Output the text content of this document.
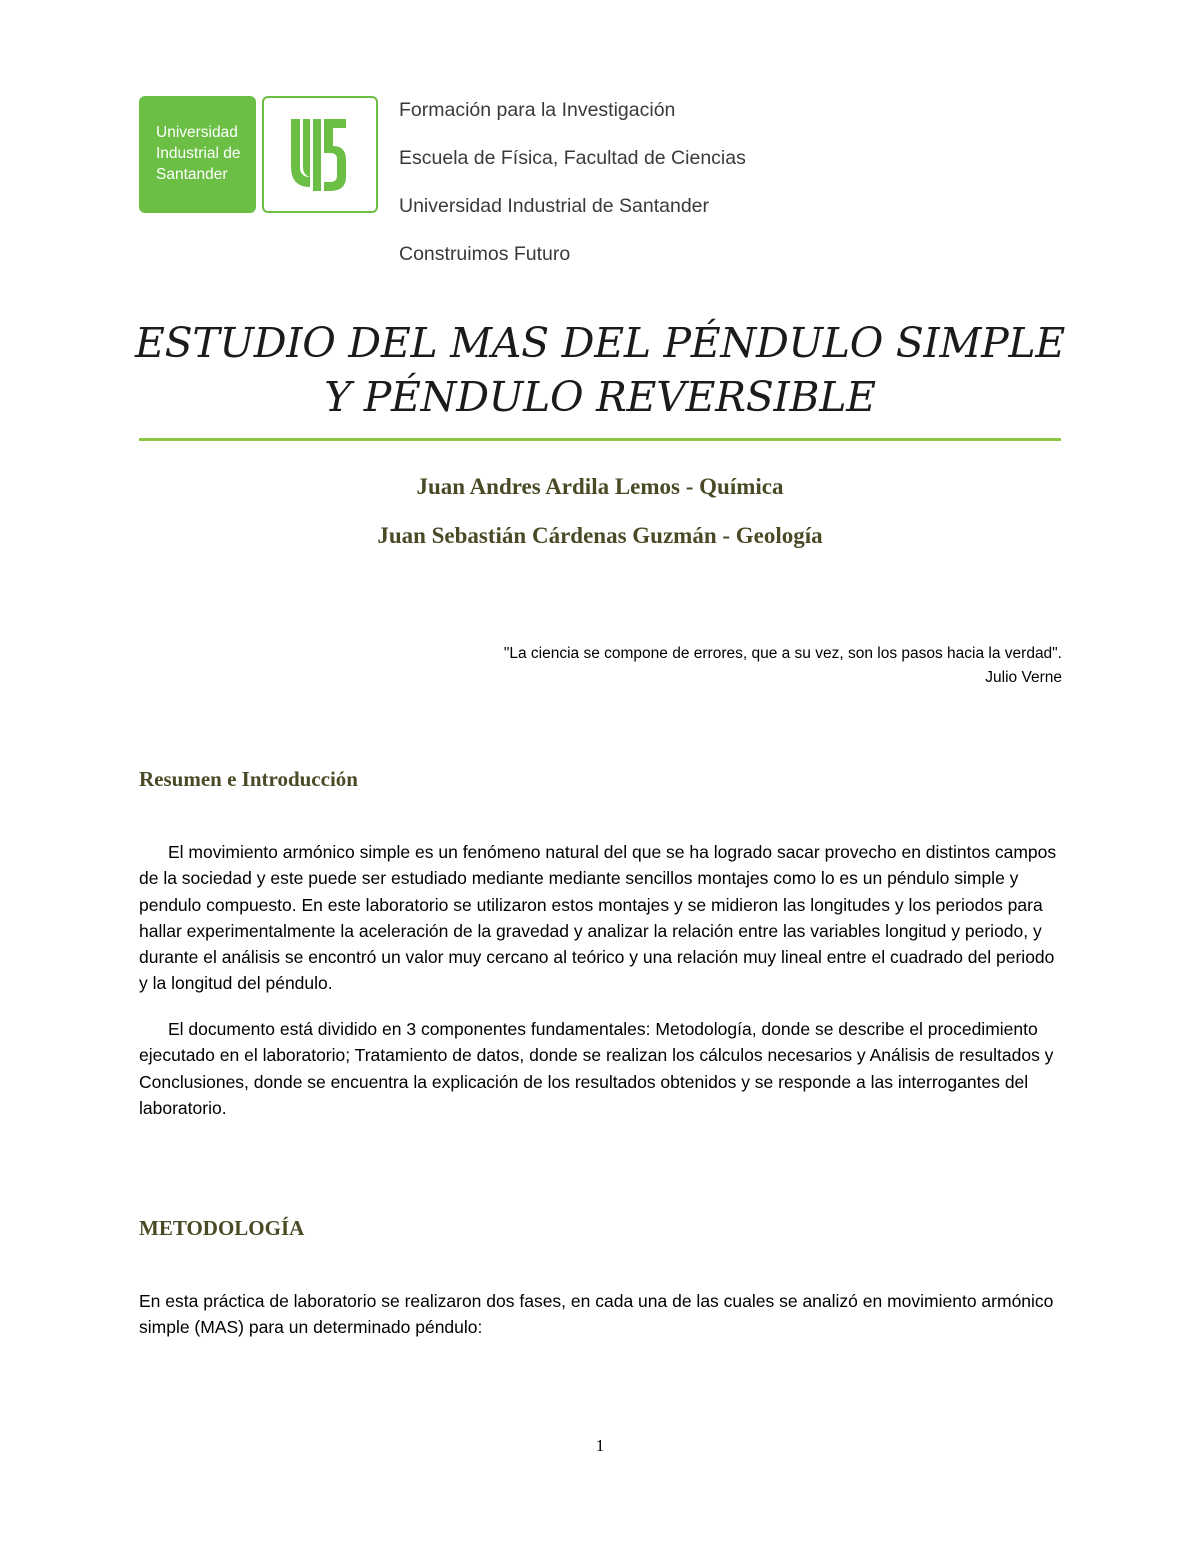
Universidad
Industrial de
Santander
Formación para la Investigación
Escuela de Física, Facultad de Ciencias
Universidad Industrial de Santander
Construimos Futuro
ESTUDIO DEL MAS DEL PÉNDULO SIMPLE
Y PÉNDULO REVERSIBLE
Juan Andres Ardila Lemos - Química
Juan Sebastián Cárdenas Guzmán - Geología
"La ciencia se compone de errores, que a su vez, son los pasos hacia la verdad".
Julio Verne
Resumen e Introducción
El movimiento armónico simple es un fenómeno natural del que se ha logrado sacar provecho en distintos campos de la sociedad y este puede ser estudiado mediante mediante sencillos montajes como lo es un péndulo simple y pendulo compuesto. En este laboratorio se utilizaron estos montajes y se midieron las longitudes y los periodos para hallar experimentalmente la aceleración de la gravedad y analizar la relación entre las variables longitud y periodo, y durante el análisis se encontró un valor muy cercano al teórico y una relación muy lineal entre el cuadrado del periodo y la longitud del péndulo.
El documento está dividido en 3 componentes fundamentales: Metodología, donde se describe el procedimiento ejecutado en el laboratorio; Tratamiento de datos, donde se realizan los cálculos necesarios y Análisis de resultados y Conclusiones, donde se encuentra la explicación de los resultados obtenidos y se responde a las interrogantes del laboratorio.
METODOLOGÍA
En esta práctica de laboratorio se realizaron dos fases, en cada una de las cuales se analizó en movimiento armónico simple (MAS) para un determinado péndulo:
1
